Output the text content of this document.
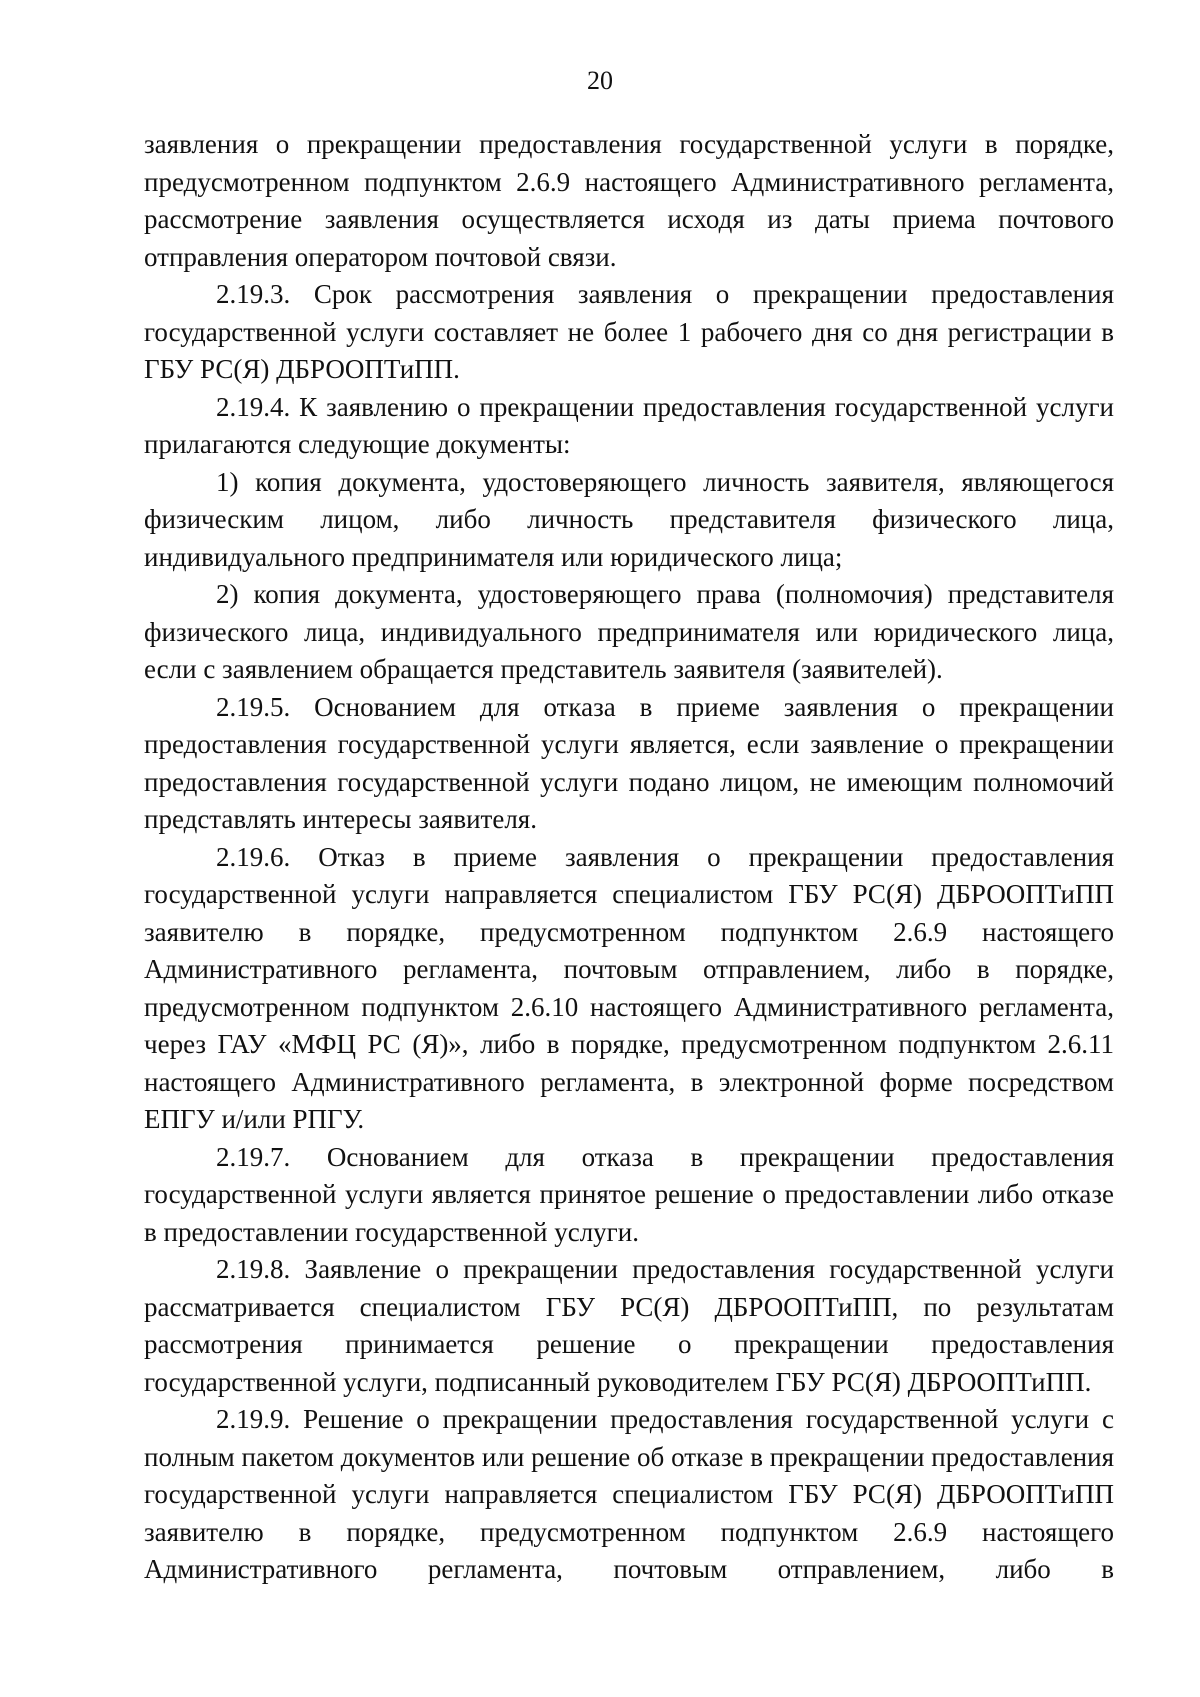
20

заявления о прекращении предоставления государственной услуги в порядке, предусмотренном подпунктом 2.6.9 настоящего Административного регламента, рассмотрение заявления осуществляется исходя из даты приема почтового отправления оператором почтовой связи.

2.19.3. Срок рассмотрения заявления о прекращении предоставления государственной услуги составляет не более 1 рабочего дня со дня регистрации в ГБУ РС(Я) ДБРООПТиПП.

2.19.4. К заявлению о прекращении предоставления государственной услуги прилагаются следующие документы:

1) копия документа, удостоверяющего личность заявителя, являющегося физическим лицом, либо личность представителя физического лица, индивидуального предпринимателя или юридического лица;

2) копия документа, удостоверяющего права (полномочия) представителя физического лица, индивидуального предпринимателя или юридического лица, если с заявлением обращается представитель заявителя (заявителей).

2.19.5. Основанием для отказа в приеме заявления о прекращении предоставления государственной услуги является, если заявление о прекращении предоставления государственной услуги подано лицом, не имеющим полномочий представлять интересы заявителя.

2.19.6. Отказ в приеме заявления о прекращении предоставления государственной услуги направляется специалистом ГБУ РС(Я) ДБРООПТиПП заявителю в порядке, предусмотренном подпунктом 2.6.9 настоящего Административного регламента, почтовым отправлением, либо в порядке, предусмотренном подпунктом 2.6.10 настоящего Административного регламента, через ГАУ «МФЦ РС (Я)», либо в порядке, предусмотренном подпунктом 2.6.11 настоящего Административного регламента, в электронной форме посредством ЕПГУ и/или РПГУ.

2.19.7. Основанием для отказа в прекращении предоставления государственной услуги является принятое решение о предоставлении либо отказе в предоставлении государственной услуги.

2.19.8. Заявление о прекращении предоставления государственной услуги рассматривается специалистом ГБУ РС(Я) ДБРООПТиПП, по результатам рассмотрения принимается решение о прекращении предоставления государственной услуги, подписанный руководителем ГБУ РС(Я) ДБРООПТиПП.

2.19.9. Решение о прекращении предоставления государственной услуги с полным пакетом документов или решение об отказе в прекращении предоставления государственной услуги направляется специалистом ГБУ РС(Я) ДБРООПТиПП заявителю в порядке, предусмотренном подпунктом 2.6.9 настоящего Административного регламента, почтовым отправлением, либо в
